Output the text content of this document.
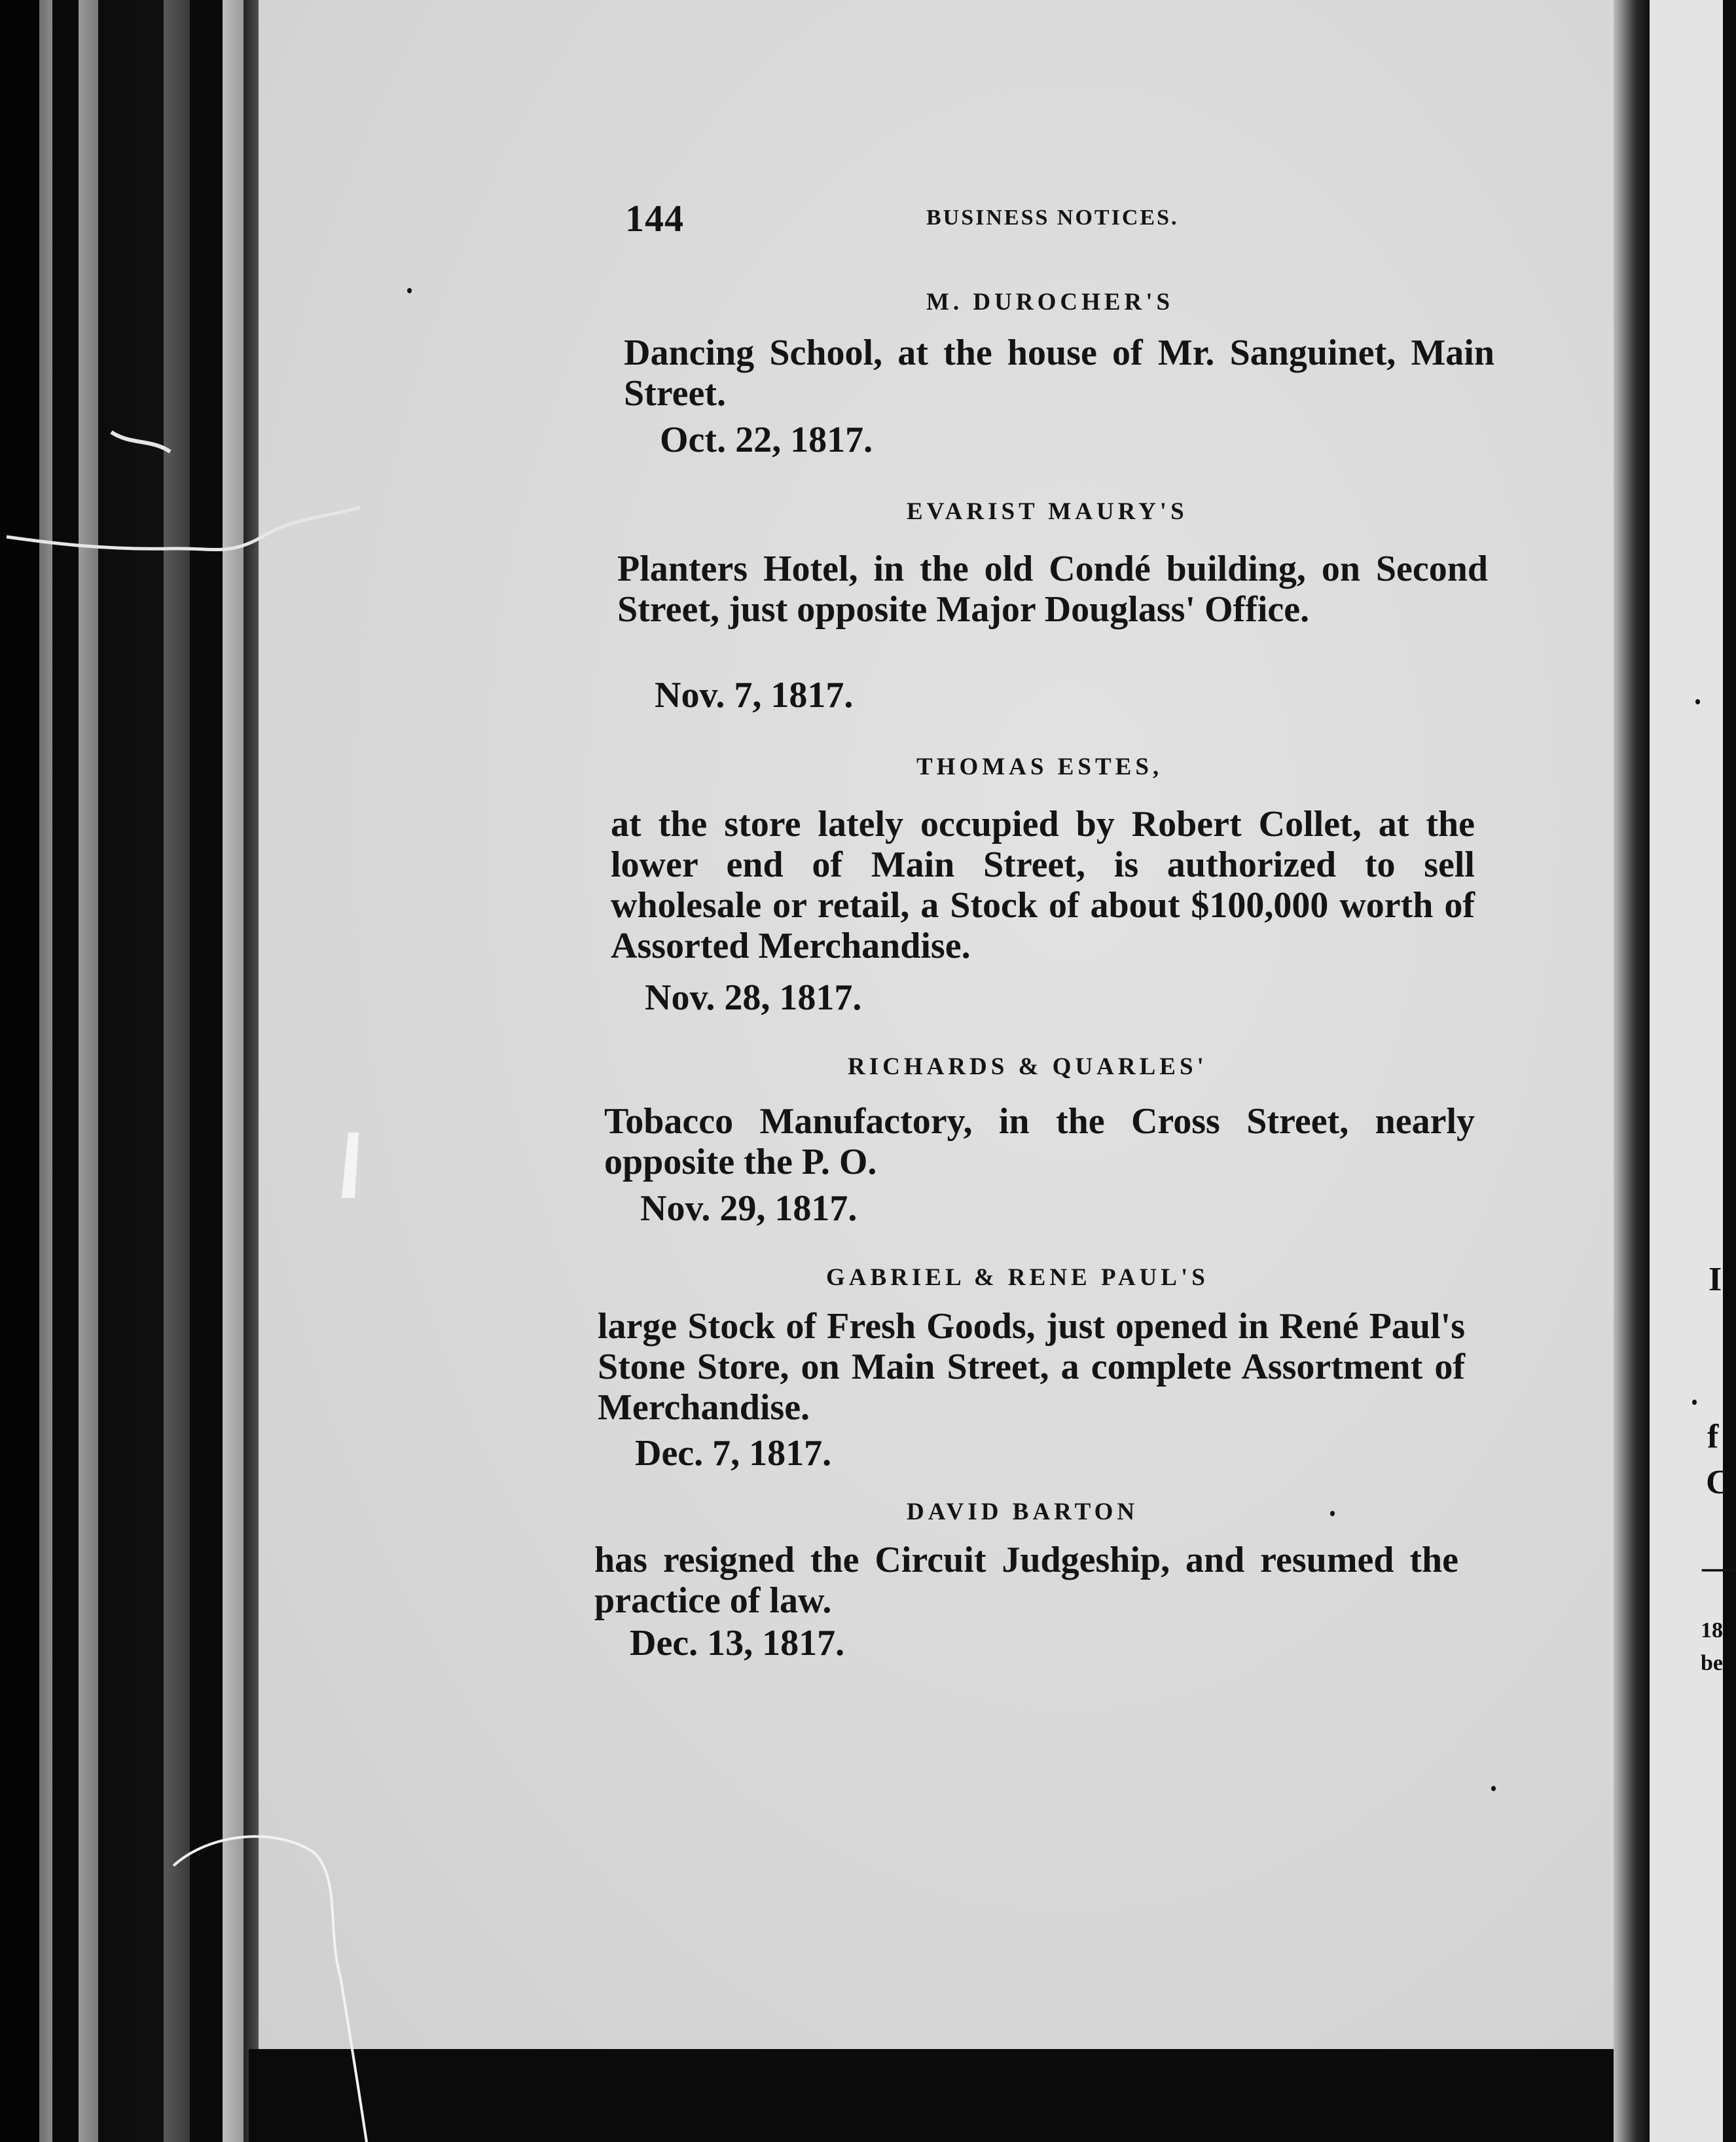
144	BUSINESS NOTICES.
M. DUROCHER'S
Dancing School, at the house of Mr. Sanguinet, Main Street.
Oct. 22, 1817.
EVARIST MAURY'S
Planters Hotel, in the old Condé building, on Second Street, just opposite Major Douglass' Office.
Nov. 7, 1817.
THOMAS ESTES,
at the store lately occupied by Robert Collet, at the lower end of Main Street, is authorized to sell wholesale or retail, a Stock of about $100,000 worth of Assorted Merchandise.
Nov. 28, 1817.
RICHARDS & QUARLES'
Tobacco Manufactory, in the Cross Street, nearly opposite the P. O.
Nov. 29, 1817.
GABRIEL & RENE PAUL'S
large Stock of Fresh Goods, just opened in René Paul's Stone Store, on Main Street, a complete Assortment of Merchandise.
Dec. 7, 1817.
DAVID BARTON
has resigned the Circuit Judgeship, and resumed the practice of law.
Dec. 13, 1817.
I
f
C
—
18
be
